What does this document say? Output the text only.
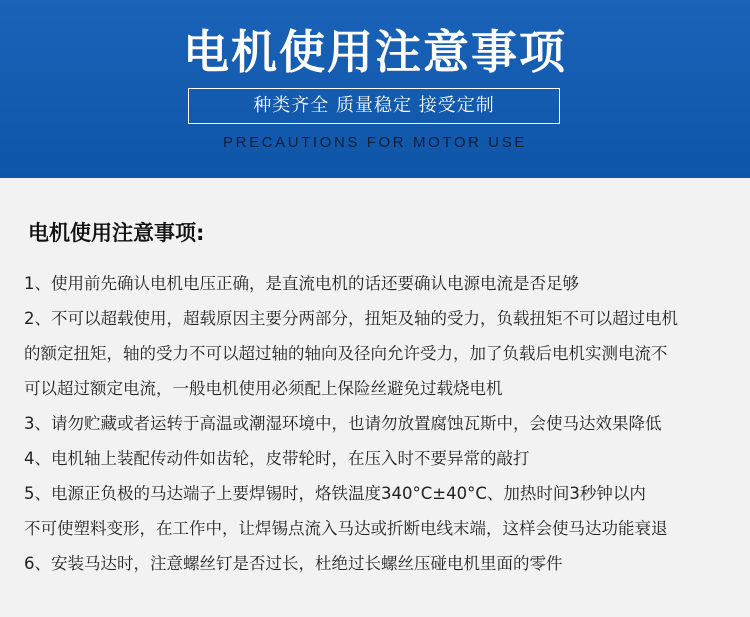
电机使用注意事项
种类齐全 质量稳定 接受定制
PRECAUTIONS FOR MOTOR USE
电机使用注意事项:
1、使用前先确认电机电压正确，是直流电机的话还要确认电源电流是否足够
2、不可以超载使用，超载原因主要分两部分，扭矩及轴的受力，负载扭矩不可以超过电机
的额定扭矩，轴的受力不可以超过轴的轴向及径向允许受力，加了负载后电机实测电流不
可以超过额定电流，一般电机使用必须配上保险丝避免过载烧电机
3、请勿贮藏或者运转于高温或潮湿环境中，也请勿放置腐蚀瓦斯中，会使马达效果降低
4、电机轴上装配传动件如齿轮，皮带轮时，在压入时不要异常的敲打
5、电源正负极的马达端子上要焊锡时，烙铁温度340°C±40°C、加热时间3秒钟以内
不可使塑料变形，在工作中，让焊锡点流入马达或折断电线末端，这样会使马达功能衰退
6、安装马达时，注意螺丝钉是否过长，杜绝过长螺丝压碰电机里面的零件
